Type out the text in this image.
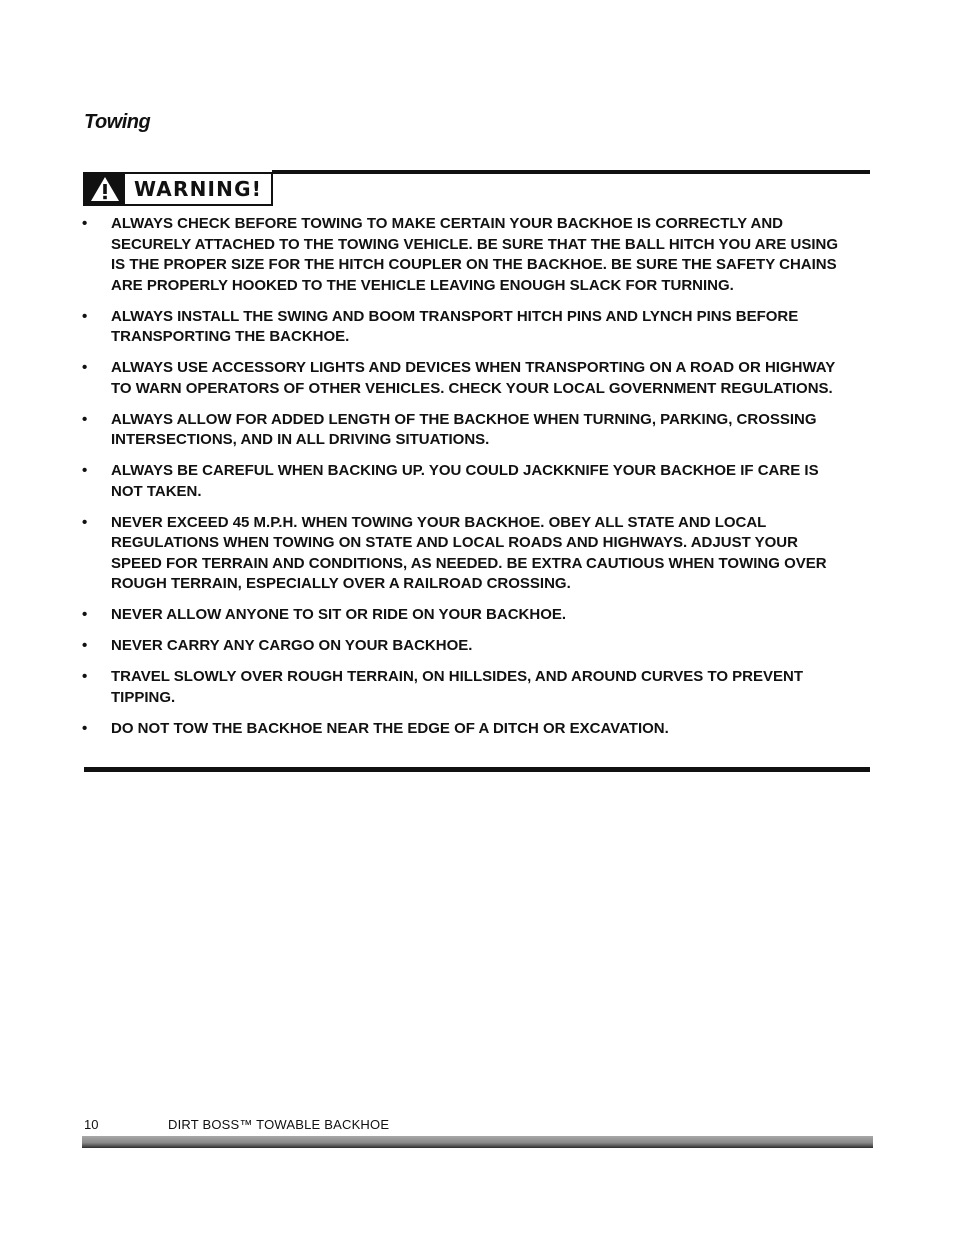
Towing
WARNING!
• ALWAYS CHECK BEFORE TOWING TO MAKE CERTAIN YOUR BACKHOE IS CORRECTLY AND SECURELY ATTACHED TO THE TOWING VEHICLE. BE SURE THAT THE BALL HITCH YOU ARE USING IS THE PROPER SIZE FOR THE HITCH COUPLER ON THE BACKHOE. BE SURE THE SAFETY CHAINS ARE PROPERLY HOOKED TO THE VEHICLE LEAVING ENOUGH SLACK FOR TURNING.
• ALWAYS INSTALL THE SWING AND BOOM TRANSPORT HITCH PINS AND LYNCH PINS BEFORE TRANSPORTING THE BACKHOE.
• ALWAYS USE ACCESSORY LIGHTS AND DEVICES WHEN TRANSPORTING ON A ROAD OR HIGHWAY TO WARN OPERATORS OF OTHER VEHICLES. CHECK YOUR LOCAL GOVERNMENT REGULATIONS.
• ALWAYS ALLOW FOR ADDED LENGTH OF THE BACKHOE WHEN TURNING, PARKING, CROSSING INTERSECTIONS, AND IN ALL DRIVING SITUATIONS.
• ALWAYS BE CAREFUL WHEN BACKING UP. YOU COULD JACKKNIFE YOUR BACKHOE IF CARE IS NOT TAKEN.
• NEVER EXCEED 45 M.P.H. WHEN TOWING YOUR BACKHOE. OBEY ALL STATE AND LOCAL REGULATIONS WHEN TOWING ON STATE AND LOCAL ROADS AND HIGHWAYS. ADJUST YOUR SPEED FOR TERRAIN AND CONDITIONS, AS NEEDED. BE EXTRA CAUTIOUS WHEN TOWING OVER ROUGH TERRAIN, ESPECIALLY OVER A RAILROAD CROSSING.
• NEVER ALLOW ANYONE TO SIT OR RIDE ON YOUR BACKHOE.
• NEVER CARRY ANY CARGO ON YOUR BACKHOE.
• TRAVEL SLOWLY OVER ROUGH TERRAIN, ON HILLSIDES, AND AROUND CURVES TO PREVENT TIPPING.
• DO NOT TOW THE BACKHOE NEAR THE EDGE OF A DITCH OR EXCAVATION.
10	DIRT BOSS™ TOWABLE BACKHOE
